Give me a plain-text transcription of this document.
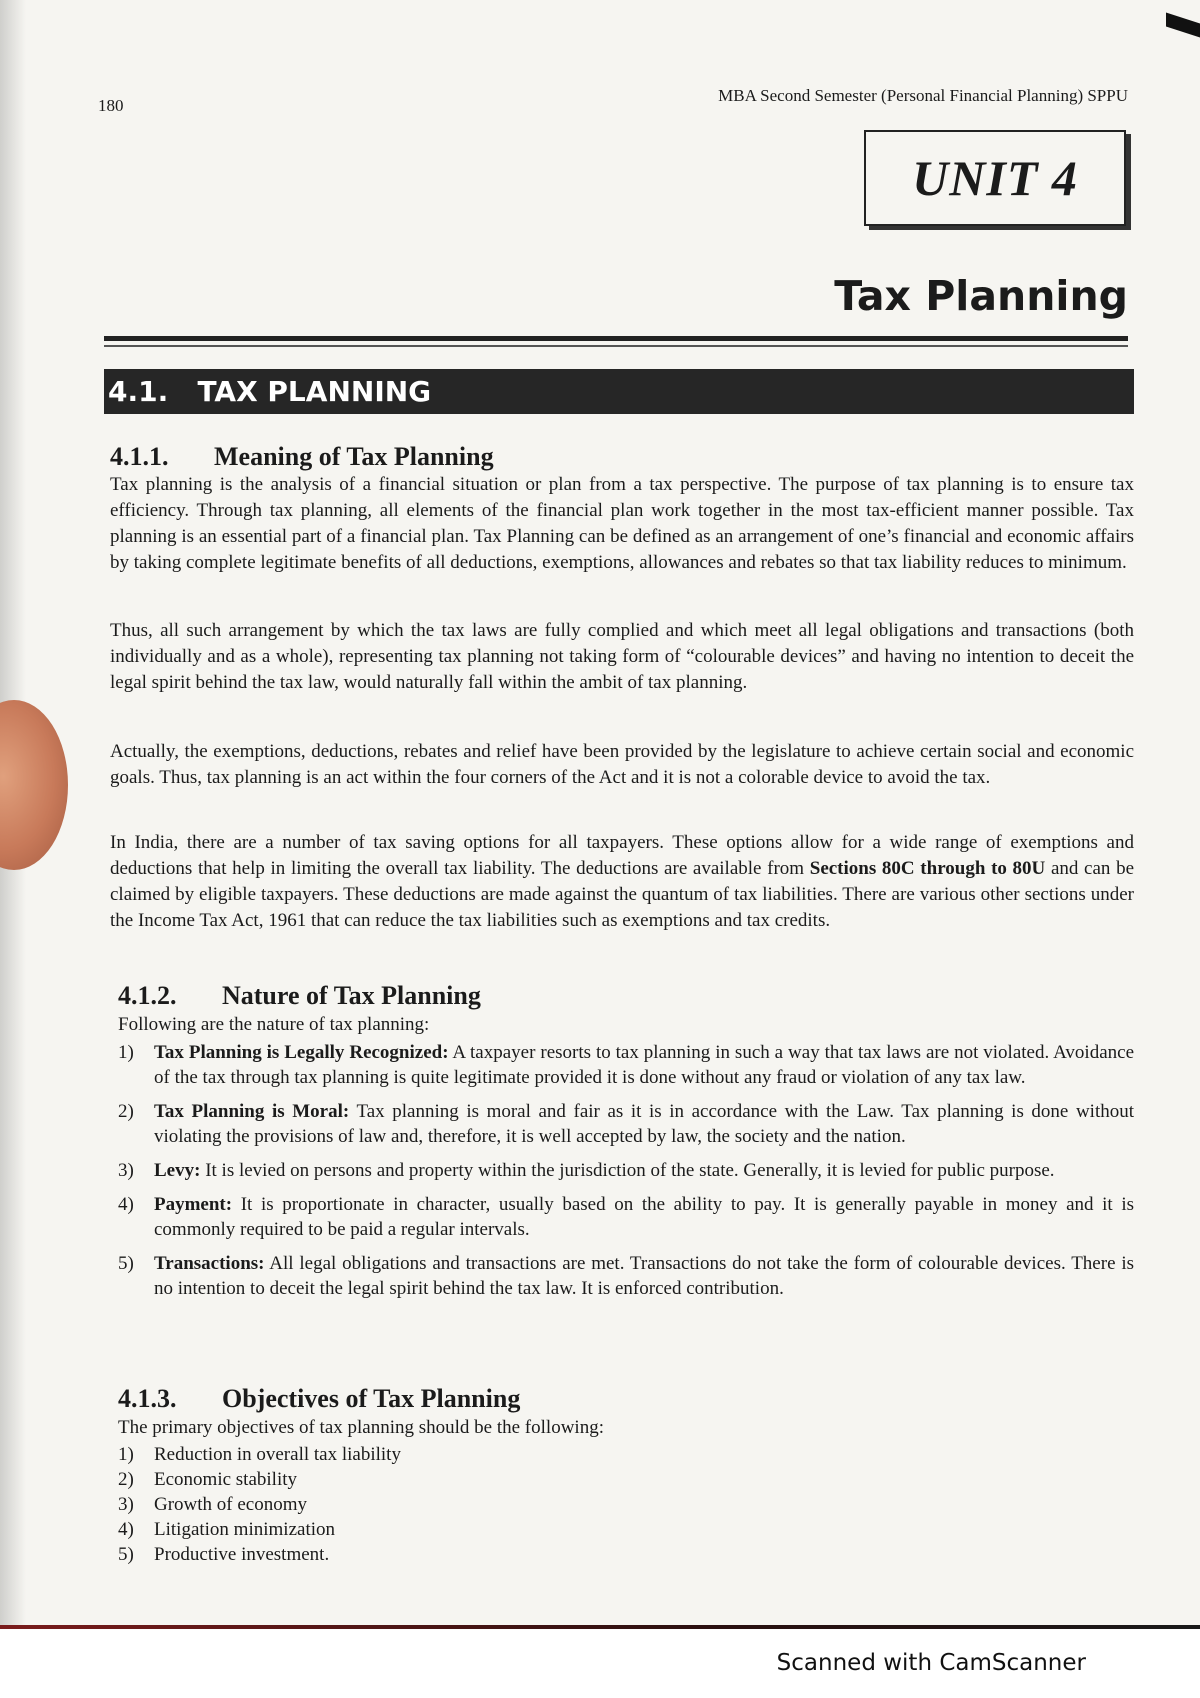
180
MBA Second Semester (Personal Financial Planning) SPPU
UNIT 4
Tax Planning
4.1.   TAX PLANNING
4.1.1. Meaning of Tax Planning

Tax planning is the analysis of a financial situation or plan from a tax perspective. The purpose of tax planning is to ensure tax efficiency. Through tax planning, all elements of the financial plan work together in the most tax-efficient manner possible. Tax planning is an essential part of a financial plan. Tax Planning can be defined as an arrangement of one’s financial and economic affairs by taking complete legitimate benefits of all deductions, exemptions, allowances and rebates so that tax liability reduces to minimum.

Thus, all such arrangement by which the tax laws are fully complied and which meet all legal obligations and transactions (both individually and as a whole), representing tax planning not taking form of “colourable devices” and having no intention to deceit the legal spirit behind the tax law, would naturally fall within the ambit of tax planning.

Actually, the exemptions, deductions, rebates and relief have been provided by the legislature to achieve certain social and economic goals. Thus, tax planning is an act within the four corners of the Act and it is not a colorable device to avoid the tax.

In India, there are a number of tax saving options for all taxpayers. These options allow for a wide range of exemptions and deductions that help in limiting the overall tax liability. The deductions are available from Sections 80C through to 80U and can be claimed by eligible taxpayers. These deductions are made against the quantum of tax liabilities. There are various other sections under the Income Tax Act, 1961 that can reduce the tax liabilities such as exemptions and tax credits.

4.1.2. Nature of Tax Planning
Following are the nature of tax planning:
1)	Tax Planning is Legally Recognized: A taxpayer resorts to tax planning in such a way that tax laws are not violated. Avoidance of the tax through tax planning is quite legitimate provided it is done without any fraud or violation of any tax law.
2)	Tax Planning is Moral: Tax planning is moral and fair as it is in accordance with the Law. Tax planning is done without violating the provisions of law and, therefore, it is well accepted by law, the society and the nation.
3)	Levy: It is levied on persons and property within the jurisdiction of the state. Generally, it is levied for public purpose.
4)	Payment: It is proportionate in character, usually based on the ability to pay. It is generally payable in money and it is commonly required to be paid a regular intervals.
5)	Transactions: All legal obligations and transactions are met. Transactions do not take the form of colourable devices. There is no intention to deceit the legal spirit behind the tax law. It is enforced contribution.
4.1.3. Objectives of Tax Planning
The primary objectives of tax planning should be the following:
1)	Reduction in overall tax liability
2)	Economic stability
3)	Growth of economy
4)	Litigation minimization
5)	Productive investment.
Scanned with CamScanner
